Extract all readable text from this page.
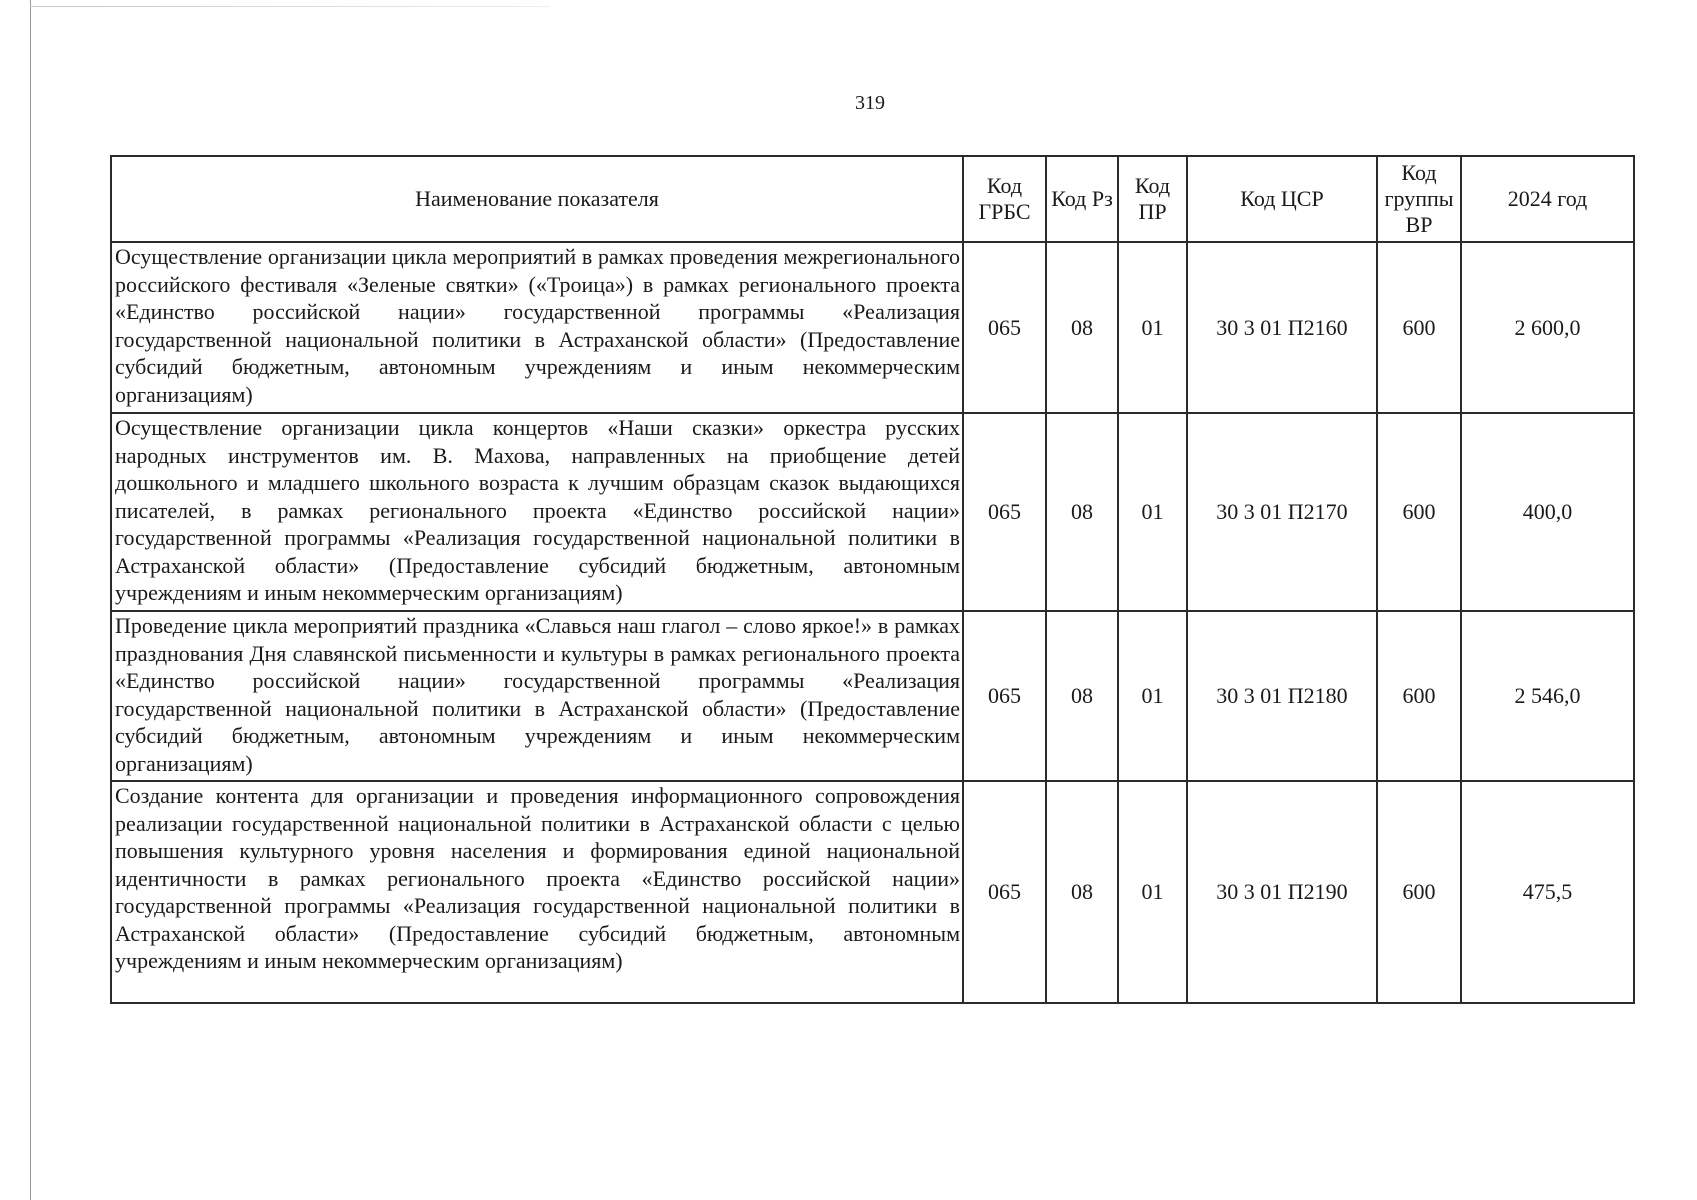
319
Наименование показателя	Код ГРБС	Код Рз	Код ПР	Код ЦСР	Код группы ВР	2024 год
Осуществление организации цикла мероприятий в рамках проведения межрегионального российского фестиваля «Зеленые святки» («Троица») в рамках регионального проекта «Единство российской нации» государственной программы «Реализация государственной национальной политики в Астраханской области» (Предоставление субсидий бюджетным, автономным учреждениям и иным некоммерческим организациям)	065	08	01	30 3 01 П2160	600	2 600,0
Осуществление организации цикла концертов «Наши сказки» оркестра русских народных инструментов им. В. Махова, направленных на приобщение детей дошкольного и младшего школьного возраста к лучшим образцам сказок выдающихся писателей, в рамках регионального проекта «Единство российской нации» государственной программы «Реализация государственной национальной политики в Астраханской области» (Предоставление субсидий бюджетным, автономным учреждениям и иным некоммерческим организациям)	065	08	01	30 3 01 П2170	600	400,0
Проведение цикла мероприятий праздника «Славься наш глагол – слово яркое!» в рамках празднования Дня славянской письменности и культуры в рамках регионального проекта «Единство российской нации» государственной программы «Реализация государственной национальной политики в Астраханской области» (Предоставление субсидий бюджетным, автономным учреждениям и иным некоммерческим организациям)	065	08	01	30 3 01 П2180	600	2 546,0
Создание контента для организации и проведения информационного сопровождения реализации государственной национальной политики в Астраханской области с целью повышения культурного уровня населения и формирования единой национальной идентичности в рамках регионального проекта «Единство российской нации» государственной программы «Реализация государственной национальной политики в Астраханской области» (Предоставление субсидий бюджетным, автономным учреждениям и иным некоммерческим организациям)	065	08	01	30 3 01 П2190	600	475,5
